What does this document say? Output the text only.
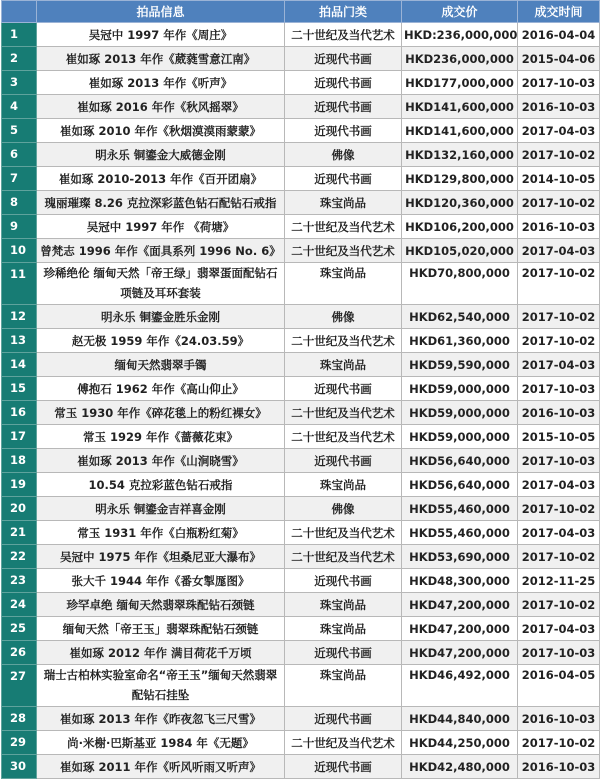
	拍品信息	拍品门类	成交价	成交时间
1	吴冠中 1997 年作《周庄》	二十世纪及当代艺术	HKD:236,000,000	2016-04-04
2	崔如琢 2013 年作《葳蕤雪意江南》	近现代书画	HKD236,000,000	2015-04-06
3	崔如琢 2013 年作《听声》	近现代书画	HKD177,000,000	2017-10-03
4	崔如琢 2016 年作《秋风摇翠》	近现代书画	HKD141,600,000	2016-10-03
5	崔如琢 2010 年作《秋烟漠漠雨蒙蒙》	近现代书画	HKD141,600,000	2017-04-03
6	明永乐 铜鎏金大威德金刚	佛像	HKD132,160,000	2017-10-02
7	崔如琢 2010-2013 年作《百开团扇》	近现代书画	HKD129,800,000	2014-10-05
8	瑰丽璀璨 8.26 克拉深彩蓝色钻石配钻石戒指	珠宝尚品	HKD120,360,000	2017-10-02
9	吴冠中 1997 年作 《荷塘》	二十世纪及当代艺术	HKD106,200,000	2016-10-03
10	曾梵志 1996 年作《面具系列 1996 No. 6》	二十世纪及当代艺术	HKD105,020,000	2017-04-03
11	珍稀绝伦 缅甸天然「帝王绿」翡翠蛋面配钻石项链及耳环套装	珠宝尚品	HKD70,800,000	2017-10-02
12	明永乐 铜鎏金胜乐金刚	佛像	HKD62,540,000	2017-10-02
13	赵无极 1959 年作《24.03.59》	二十世纪及当代艺术	HKD61,360,000	2017-10-02
14	缅甸天然翡翠手镯	珠宝尚品	HKD59,590,000	2017-04-03
15	傅抱石 1962 年作《高山仰止》	近现代书画	HKD59,000,000	2017-10-03
16	常玉 1930 年作《碎花毯上的粉红裸女》	二十世纪及当代艺术	HKD59,000,000	2016-10-03
17	常玉 1929 年作《蔷薇花束》	二十世纪及当代艺术	HKD59,000,000	2015-10-05
18	崔如琢 2013 年作《山涧晓雪》	近现代书画	HKD56,640,000	2017-10-03
19	10.54 克拉彩蓝色钻石戒指	珠宝尚品	HKD56,640,000	2017-04-03
20	明永乐 铜鎏金吉祥喜金刚	佛像	HKD55,460,000	2017-10-02
21	常玉 1931 年作《白瓶粉红菊》	二十世纪及当代艺术	HKD55,460,000	2017-04-03
22	吴冠中 1975 年作《坦桑尼亚大瀑布》	二十世纪及当代艺术	HKD53,690,000	2017-10-02
23	张大千 1944 年作《番女掣厖图》	近现代书画	HKD48,300,000	2012-11-25
24	珍罕卓绝 缅甸天然翡翠珠配钻石颈链	珠宝尚品	HKD47,200,000	2017-10-02
25	缅甸天然「帝王玉」翡翠珠配钻石颈链	珠宝尚品	HKD47,200,000	2017-04-03
26	崔如琢 2012 年作 满目荷花千万顷	近现代书画	HKD47,200,000	2017-10-03
27	瑞士古柏林实验室命名“帝王玉”缅甸天然翡翠配钻石挂坠	珠宝尚品	HKD46,492,000	2016-04-05
28	崔如琢 2013 年作《昨夜忽飞三尺雪》	近现代书画	HKD44,840,000	2016-10-03
29	尚·米榭·巴斯基亚 1984 年《无题》	二十世纪及当代艺术	HKD44,250,000	2017-10-02
30	崔如琢 2011 年作《听风听雨又听声》	近现代书画	HKD42,480,000	2016-10-03
